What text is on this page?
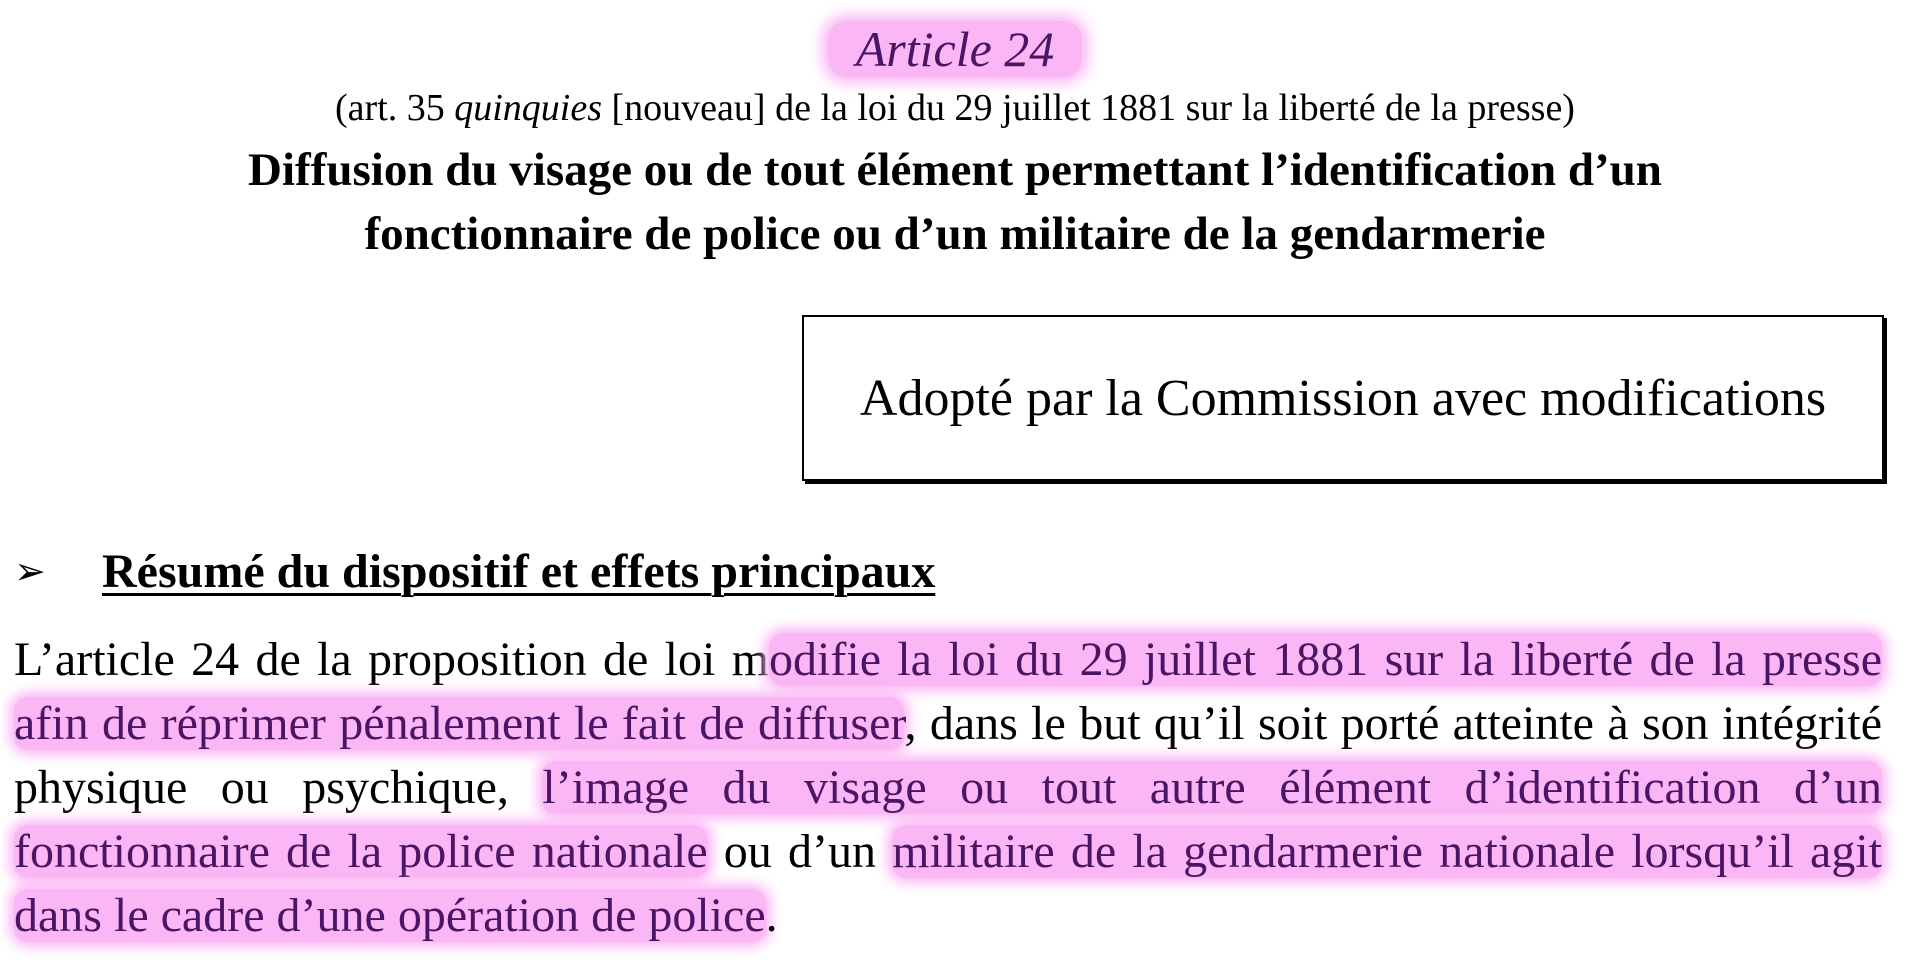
Article 24
(art. 35 quinquies [nouveau] de la loi du 29 juillet 1881 sur la liberté de la presse)
Diffusion du visage ou de tout élément permettant l’identification d’un
fonctionnaire de police ou d’un militaire de la gendarmerie
Adopté par la Commission avec modifications
➢	Résumé du dispositif et effets principaux
L’article 24 de la proposition de loi modifie la loi du 29 juillet 1881 sur la liberté de la presse afin de réprimer pénalement le fait de diffuser, dans le but qu’il soit porté atteinte à son intégrité physique ou psychique, l’image du visage ou tout autre élément d’identification d’un fonctionnaire de la police nationale ou d’un militaire de la gendarmerie nationale lorsqu’il agit dans le cadre d’une opération de police.
